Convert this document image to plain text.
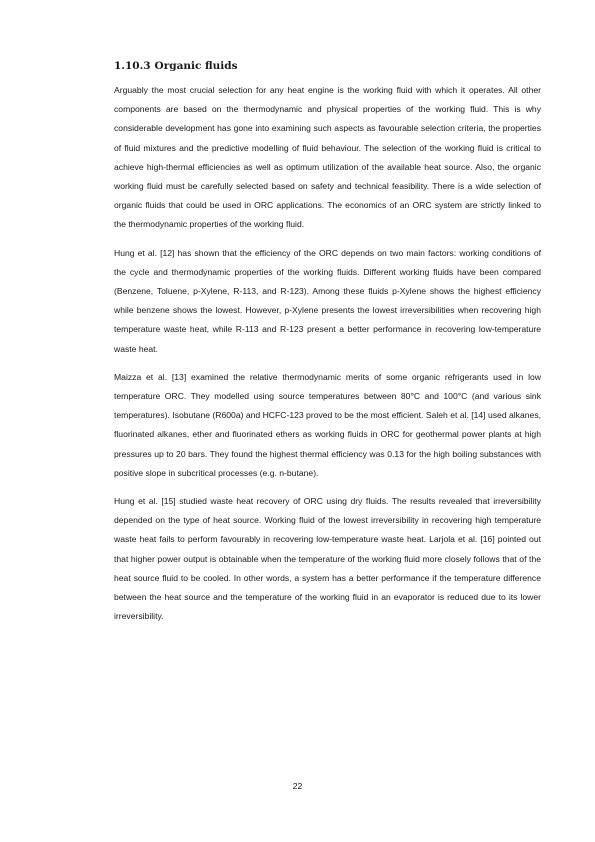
1.10.3 Organic fluids

Arguably the most crucial selection for any heat engine is the working fluid with which it operates. All other components are based on the thermodynamic and physical properties of the working fluid. This is why considerable development has gone into examining such aspects as favourable selection criteria, the properties of fluid mixtures and the predictive modelling of fluid behaviour. The selection of the working fluid is critical to achieve high-thermal efficiencies as well as optimum utilization of the available heat source. Also, the organic working fluid must be carefully selected based on safety and technical feasibility. There is a wide selection of organic fluids that could be used in ORC applications. The economics of an ORC system are strictly linked to the thermodynamic properties of the working fluid.

Hung et al. [12] has shown that the efficiency of the ORC depends on two main factors: working conditions of the cycle and thermodynamic properties of the working fluids. Different working fluids have been compared (Benzene, Toluene, p-Xylene, R-113, and R-123). Among these fluids p-Xylene shows the highest efficiency while benzene shows the lowest. However, p-Xylene presents the lowest irreversibilities when recovering high temperature waste heat, while R-113 and R-123 present a better performance in recovering low-temperature waste heat.

Maizza et al. [13] examined the relative thermodynamic merits of some organic refrigerants used in low temperature ORC. They modelled using source temperatures between 80°C and 100°C (and various sink temperatures). Isobutane (R600a) and HCFC-123 proved to be the most efficient. Saleh et al. [14] used alkanes, fluorinated alkanes, ether and fluorinated ethers as working fluids in ORC for geothermal power plants at high pressures up to 20 bars. They found the highest thermal efficiency was 0.13 for the high boiling substances with positive slope in subcritical processes (e.g. n-butane).

Hung et al. [15] studied waste heat recovery of ORC using dry fluids. The results revealed that irreversibility depended on the type of heat source. Working fluid of the lowest irreversibility in recovering high temperature waste heat fails to perform favourably in recovering low-temperature waste heat. Larjola et al. [16] pointed out that higher power output is obtainable when the temperature of the working fluid more closely follows that of the heat source fluid to be cooled. In other words, a system has a better performance if the temperature difference between the heat source and the temperature of the working fluid in an evaporator is reduced due to its lower irreversibility.

22
